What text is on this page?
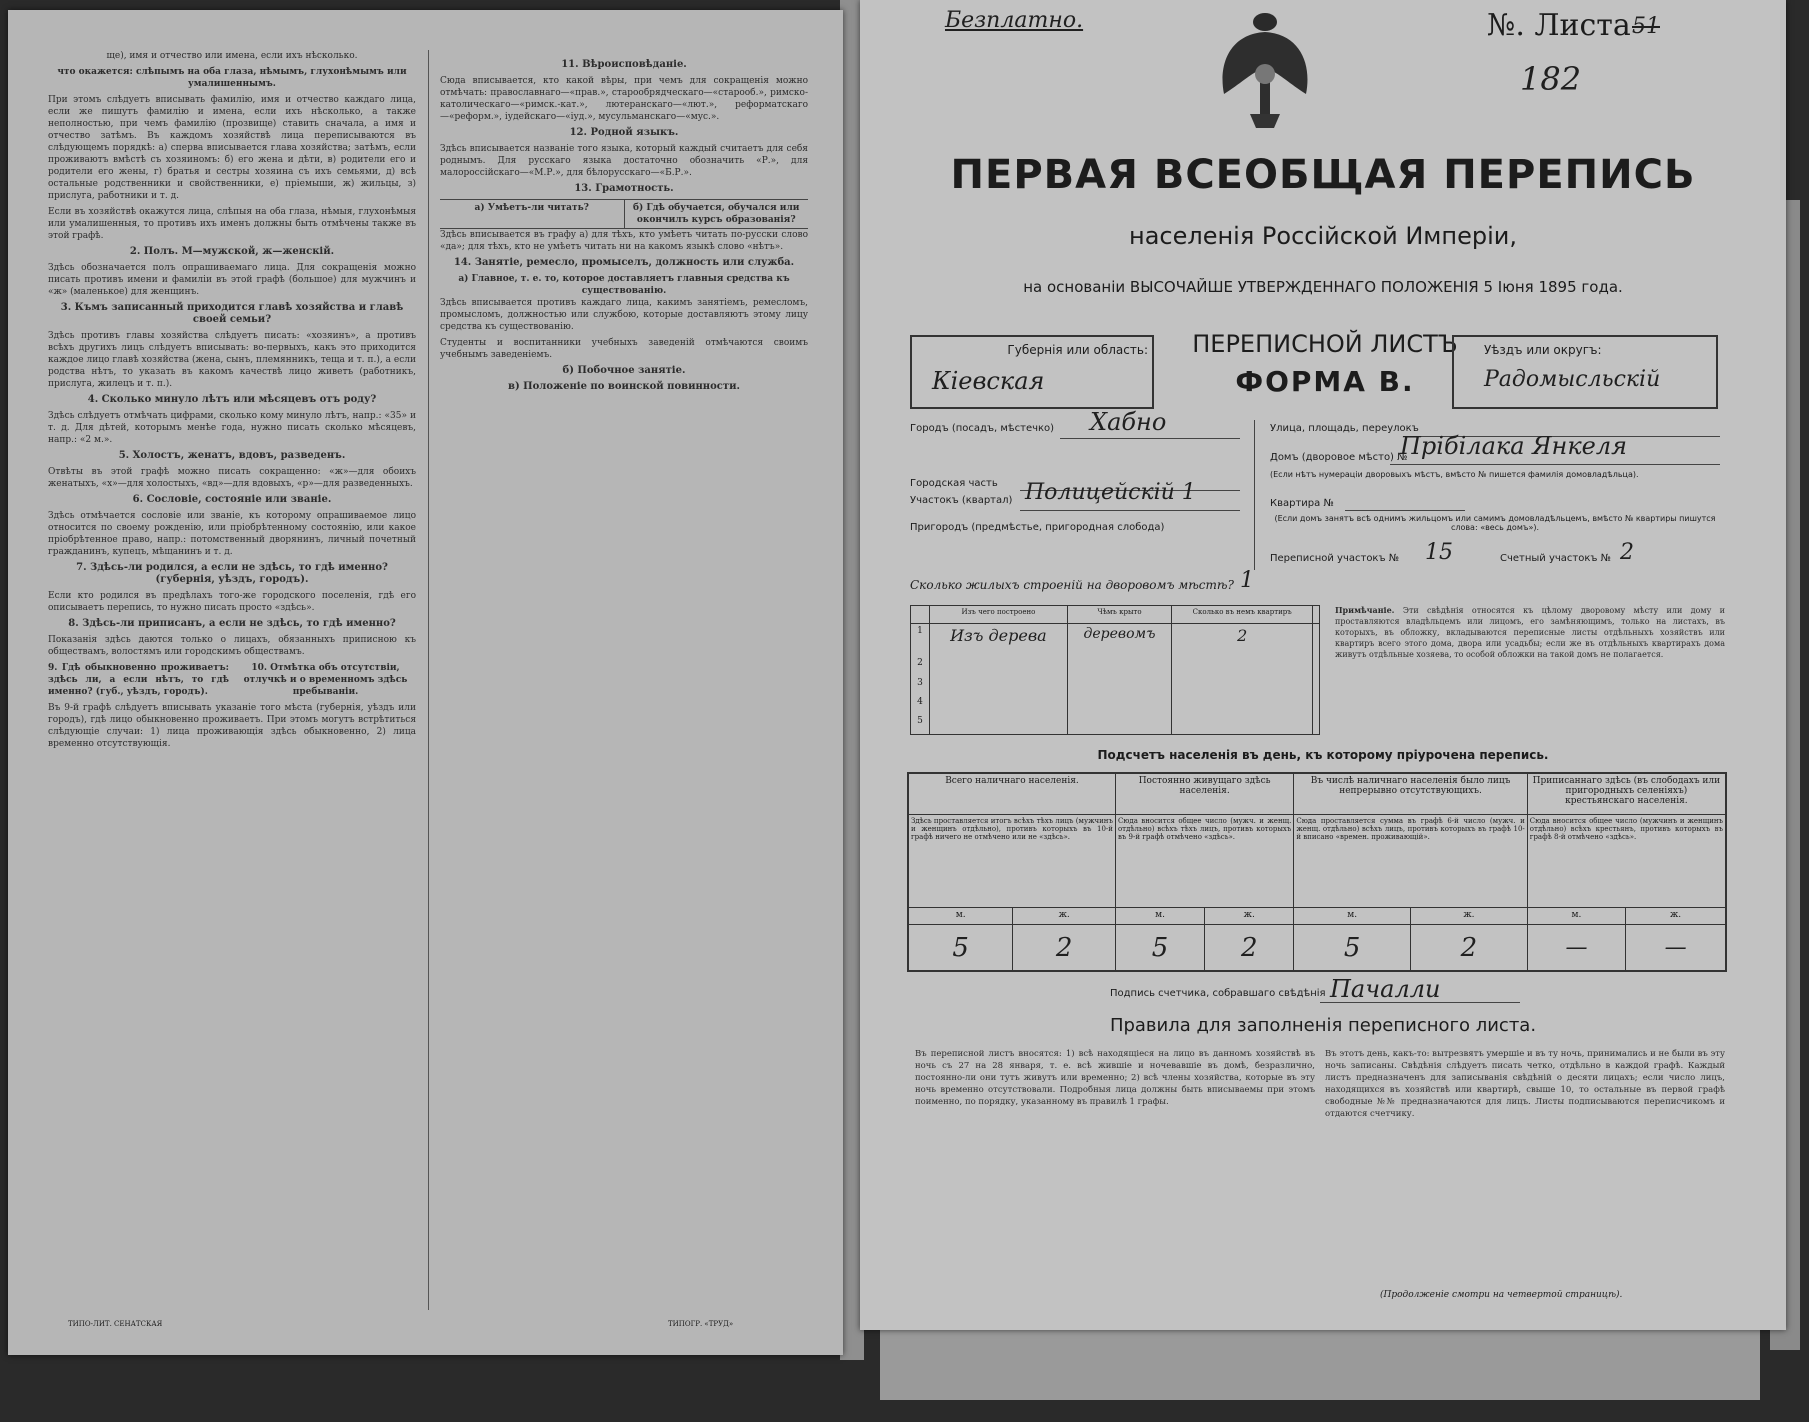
ще), имя и отчество или имена, если ихъ нѣсколько.
что окажется: слѣпымъ на оба глаза, нѣмымъ, глухонѣмымъ или умалишеннымъ.
При этомъ слѣдуетъ вписывать фамилію, имя и отчество каждаго лица, если же пишутъ фамилію и имена, если ихъ нѣсколько, а также неполностью, при чемъ фамилію (прозвище) ставить сначала, а имя и отчество затѣмъ. Въ каждомъ хозяйствѣ лица переписываются въ слѣдующемъ порядкѣ: а) сперва вписывается глава хозяйства; затѣмъ, если проживаютъ вмѣстѣ съ хозяиномъ: б) его жена и дѣти, в) родители его и родители его жены, г) братья и сестры хозяина съ ихъ семьями, д) всѣ остальные родственники и свойственники, е) пріемыши, ж) жильцы, з) прислуга, работники и т. д.
Если въ хозяйствѣ окажутся лица, слѣпыя на оба глаза, нѣмыя, глухонѣмыя или умалишенныя, то противъ ихъ именъ должны быть отмѣчены также въ этой графѣ.
2. Полъ. М—мужской, ж—женскій.
Здѣсь обозначается полъ опрашиваемаго лица. Для сокращенія можно писать противъ имени и фамиліи въ этой графѣ (большое) для мужчинъ и «ж» (маленькое) для женщинъ.
3. Къмъ записанный приходится главѣ хозяйства и главѣ своей семьи?
Здѣсь противъ главы хозяйства слѣдуетъ писать: «хозяинъ», а противъ всѣхъ другихъ лицъ слѣдуетъ вписывать: во-первыхъ, какъ это приходится каждое лицо главѣ хозяйства (жена, сынъ, племянникъ, теща и т. п.), а если родства нѣтъ, то указать въ какомъ качествѣ лицо живетъ (работникъ, прислуга, жилецъ и т. п.).
4. Сколько минуло лѣтъ или мѣсяцевъ отъ роду?
Здѣсь слѣдуетъ отмѣчать цифрами, сколько кому минуло лѣтъ, напр.: «35» и т. д. Для дѣтей, которымъ менѣе года, нужно писать сколько мѣсяцевъ, напр.: «2 м.».
5. Холостъ, женатъ, вдовъ, разведенъ.
Отвѣты въ этой графѣ можно писать сокращенно: «ж»—для обоихъ женатыхъ, «х»—для холостыхъ, «вд»—для вдовыхъ, «р»—для разведенныхъ.
6. Сословіе, состояніе или званіе.
Здѣсь отмѣчается сословіе или званіе, къ которому опрашиваемое лицо относится по своему рожденію, или пріобрѣтенному состоянію, или какое пріобрѣтенное право, напр.: потомственный дворянинъ, личный почетный гражданинъ, купецъ, мѣщанинъ и т. д.
7. Здѣсь-ли родился, а если не здѣсь, то гдѣ именно? (губернія, уѣздъ, городъ).
Если кто родился въ предѣлахъ того-же городского поселенія, гдѣ его описываетъ перепись, то нужно писать просто «здѣсь».
8. Здѣсь-ли приписанъ, а если не здѣсь, то гдѣ именно?
Показанія здѣсь даются только о лицахъ, обязанныхъ приписною къ обществамъ, волостямъ или городскимъ обществамъ.
9. Гдѣ обыкновенно проживаетъ: здѣсь ли, а если нѣтъ, то гдѣ именно? (губ., уѣздъ, городъ).
10. Отмѣтка объ отсутствіи, отлучкѣ и о временномъ здѣсь пребываніи.
Въ 9-й графѣ слѣдуетъ вписывать указаніе того мѣста (губернія, уѣздъ или городъ), гдѣ лицо обыкновенно проживаетъ. При этомъ могутъ встрѣтиться слѣдующіе случаи: 1) лица проживающія здѣсь обыкновенно, 2) лица временно отсутствующія.
11. Вѣроисповѣданіе.
Сюда вписывается, кто какой вѣры, при чемъ для сокращенія можно отмѣчать: православнаго—«прав.», старообрядческаго—«старооб.», римско-католическаго—«римск.-кат.», лютеранскаго—«лют.», реформатскаго—«реформ.», іудейскаго—«іуд.», мусульманскаго—«мус.».
12. Родной языкъ.
Здѣсь вписывается названіе того языка, который каждый считаетъ для себя роднымъ. Для русскаго языка достаточно обозначить «Р.», для малороссійскаго—«М.Р.», для бѣлорусскаго—«Б.Р.».
13. Грамотность.
а) Умѣетъ-ли читать?	б) Гдѣ обучается, обучался или окончилъ курсъ образованія?
Здѣсь вписывается въ графу а) для тѣхъ, кто умѣетъ читать по-русски слово «да»; для тѣхъ, кто не умѣетъ читать ни на какомъ языкѣ слово «нѣтъ».
14. Занятіе, ремесло, промыселъ, должность или служба.
а) Главное, т. е. то, которое доставляетъ главныя средства къ существованію.
Здѣсь вписывается противъ каждаго лица, какимъ занятіемъ, ремесломъ, промысломъ, должностью или службою, которые доставляютъ этому лицу средства къ существованію.
Студенты и воспитанники учебныхъ заведеній отмѣчаются своимъ учебнымъ заведеніемъ.
б) Побочное занятіе.
в) Положеніе по воинской повинности.
ТИПО-ЛИТ. СЕНАТСКАЯ	ТИПОГР. «ТРУД»
Безплатно.	№. Листа 51
182
ПЕРВАЯ ВСЕОБЩАЯ ПЕРЕПИСЬ
населенія Россійской Имперіи,
на основаніи ВЫСОЧАЙШЕ УТВЕРЖДЕННАГО ПОЛОЖЕНІЯ 5 Іюня 1895 года.
Губернія или область:
Кіевская
ПЕРЕПИСНОЙ ЛИСТЪ
ФОРМА В.
Уѣздъ или округъ:
Радомысльскій
Городъ (посадъ, мѣстечко) Хабно
Городская часть
Участокъ (квартал) Полицейскій 1
Пригородъ (предмѣстье, пригородная слобода)
Улица, площадь, переулокъ
Домъ (дворовое мѣсто) №
Прібілака Янкеля
(Если нѣтъ нумераціи дворовыхъ мѣстъ, вмѣсто № пишется фамилія домовладѣльца).
Квартира №
(Если домъ занятъ всѣ однимъ жильцомъ или самимъ домовладѣльцемъ, вмѣсто № квартиры пишутся слова: «весь домъ»).
Переписной участокъ № 15	Счетный участокъ № 2
Сколько жилыхъ строеній на дворовомъ мѣстѣ? 1
	Изъ чего построено	Чѣмъ крыто	Сколько въ немъ квартиръ	
1	Изъ дерева	деревомъ	2	
2				
3				
4				
5				
Примѣчаніе. Эти свѣдѣнія относятся къ цѣлому дворовому мѣсту или дому и проставляются владѣльцемъ или лицомъ, его замѣняющимъ, только на листахъ, въ которыхъ, въ обложку, вкладываются переписные листы отдѣльныхъ хозяйствъ или квартиръ всего этого дома, двора или усадьбы; если же въ отдѣльныхъ квартирахъ дома живутъ отдѣльные хозяева, то особой обложки на такой домъ не полагается.
Подсчетъ населенія въ день, къ которому пріурочена перепись.
Всего наличнаго населенія.		Постоянно живущаго здѣсь населенія.		Въ числѣ наличнаго населенія было лицъ непрерывно отсутствующихъ.		Приписаннаго здѣсь (въ слободахъ или пригородныхъ селеніяхъ) крестьянскаго населенія.	
Здѣсь проставляется итогъ всѣхъ тѣхъ лицъ (мужчинъ и женщинъ отдѣльно), противъ которыхъ въ 10-й графѣ ничего не отмѣчено или не «здѣсь».		Сюда вносится общее число (мужч. и женщ. отдѣльно) всѣхъ тѣхъ лицъ, противъ которыхъ въ 9-й графѣ отмѣчено «здѣсь».		Сюда проставляется сумма въ графѣ 6-й число (мужч. и женщ. отдѣльно) всѣхъ лицъ, противъ которыхъ въ графѣ 10-й вписано «времен. проживающій».		Сюда вносится общее число (мужчинъ и женщинъ отдѣльно) всѣхъ крестьянъ, противъ которыхъ въ графѣ 8-й отмѣчено «здѣсь».	
м.	ж.	м.	ж.	м.	ж.	м.	ж.
5	2	5	2	5	2	—	—
Подпись счетчика, собравшаго свѣдѣнія Пачалли
Правила для заполненія переписного листа.
Въ переписной листъ вносятся: 1) всѣ находящіеся на лицо въ данномъ хозяйствѣ въ ночь съ 27 на 28 января, т. е. всѣ жившіе и ночевавшіе въ домѣ, безразлично, постоянно-ли они тутъ живутъ или временно; 2) всѣ члены хозяйства, которые въ эту ночь временно отсутствовали. Подробныя лица должны быть вписываемы при этомъ поименно, по порядку, указанному въ правилѣ 1 графы.
Въ этотъ день, какъ-то: вытрезвятъ умершіе и въ ту ночь, принимались и не были въ эту ночь записаны. Свѣдѣнія слѣдуетъ писать четко, отдѣльно в каждой графѣ. Каждый листъ предназначенъ для записыванія свѣдѣній о десяти лицахъ; если число лицъ, находящихся въ хозяйствѣ или квартирѣ, свыше 10, то остальные въ первой графѣ свободные №№ предназначаются для лицъ. Листы подписываются переписчикомъ и отдаются счетчику.
(Продолженіе смотри на четвертой страницѣ).
